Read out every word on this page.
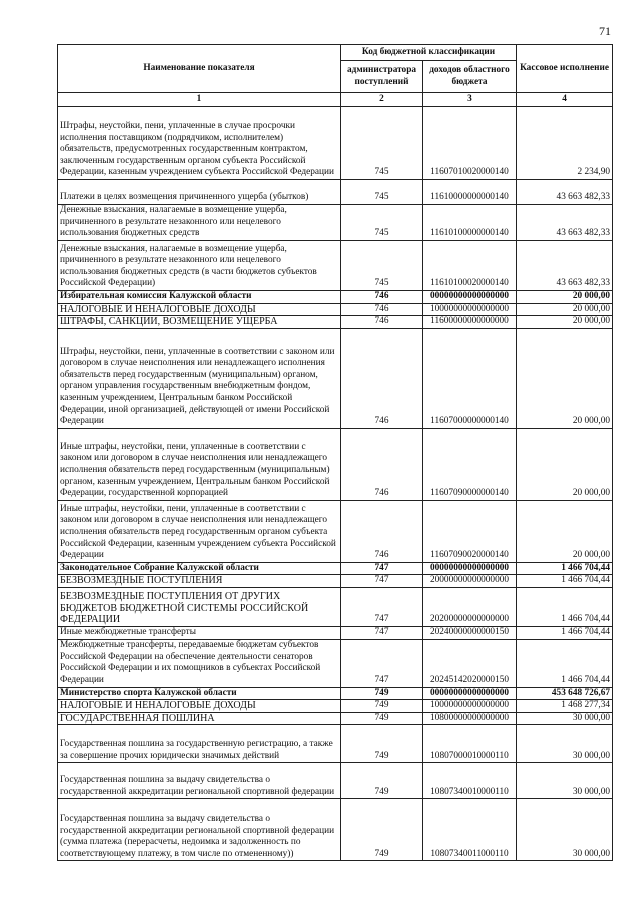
71
Наименование показателя	Код бюджетной классификации		Кассовое исполнение
	администратора поступлений	доходов областного бюджета	
1	2	3	4
Штрафы, неустойки, пени, уплаченные в случае просрочки исполнения поставщиком (подрядчиком, исполнителем) обязательств, предусмотренных государственным контрактом, заключенным государственным органом субъекта Российской Федерации, казенным учреждением субъекта Российской Федерации	745	11607010020000140	2 234,90
Платежи в целях возмещения причиненного ущерба (убытков)	745	11610000000000140	43 663 482,33
Денежные взыскания, налагаемые в возмещение ущерба, причиненного в результате незаконного или нецелевого использования бюджетных средств	745	11610100000000140	43 663 482,33
Денежные взыскания, налагаемые в возмещение ущерба, причиненного в результате незаконного или нецелевого использования бюджетных средств (в части бюджетов субъектов Российской Федерации)	745	11610100020000140	43 663 482,33
Избирательная комиссия Калужской области	746	00000000000000000	20 000,00
НАЛОГОВЫЕ И НЕНАЛОГОВЫЕ ДОХОДЫ	746	10000000000000000	20 000,00
ШТРАФЫ, САНКЦИИ, ВОЗМЕЩЕНИЕ УЩЕРБА	746	11600000000000000	20 000,00
Штрафы, неустойки, пени, уплаченные в соответствии с законом или договором в случае неисполнения или ненадлежащего исполнения обязательств перед государственным (муниципальным) органом, органом управления государственным внебюджетным фондом, казенным учреждением, Центральным банком Российской Федерации, иной организацией, действующей от имени Российской Федерации	746	11607000000000140	20 000,00
Иные штрафы, неустойки, пени, уплаченные в соответствии с законом или договором в случае неисполнения или ненадлежащего исполнения обязательств перед государственным (муниципальным) органом, казенным учреждением, Центральным банком Российской Федерации, государственной корпорацией	746	11607090000000140	20 000,00
Иные штрафы, неустойки, пени, уплаченные в соответствии с законом или договором в случае неисполнения или ненадлежащего исполнения обязательств перед государственным органом субъекта Российской Федерации, казенным учреждением субъекта Российской Федерации	746	11607090020000140	20 000,00
Законодательное Собрание Калужской области	747	00000000000000000	1 466 704,44
БЕЗВОЗМЕЗДНЫЕ ПОСТУПЛЕНИЯ	747	20000000000000000	1 466 704,44
БЕЗВОЗМЕЗДНЫЕ ПОСТУПЛЕНИЯ ОТ ДРУГИХ БЮДЖЕТОВ БЮДЖЕТНОЙ СИСТЕМЫ РОССИЙСКОЙ ФЕДЕРАЦИИ	747	20200000000000000	1 466 704,44
Иные межбюджетные трансферты	747	20240000000000150	1 466 704,44
Межбюджетные трансферты, передаваемые бюджетам субъектов Российской Федерации на обеспечение деятельности сенаторов Российской Федерации и их помощников в субъектах Российской Федерации	747	20245142020000150	1 466 704,44
Министерство спорта Калужской области	749	00000000000000000	453 648 726,67
НАЛОГОВЫЕ И НЕНАЛОГОВЫЕ ДОХОДЫ	749	10000000000000000	1 468 277,34
ГОСУДАРСТВЕННАЯ ПОШЛИНА	749	10800000000000000	30 000,00
Государственная пошлина за государственную регистрацию, а также за совершение прочих юридически значимых действий	749	10807000010000110	30 000,00
Государственная пошлина за выдачу свидетельства о государственной аккредитации региональной спортивной федерации	749	10807340010000110	30 000,00
Государственная пошлина за выдачу свидетельства о государственной аккредитации региональной спортивной федерации (сумма платежа (перерасчеты, недоимка и задолженность по соответствующему платежу, в том числе по отмененному))	749	10807340011000110	30 000,00
